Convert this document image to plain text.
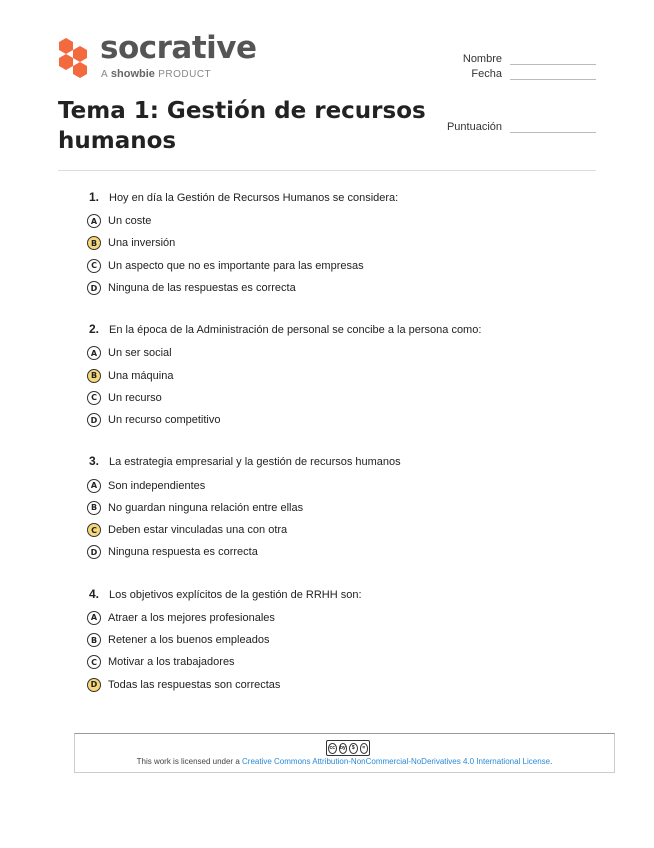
socrative
A showbie PRODUCT
Nombre
Fecha
Puntuación
Tema 1: Gestión de recursos humanos
1. Hoy en día la Gestión de Recursos Humanos se considera:
A Un coste
B Una inversión
C	Un aspecto que no es importante para las empresas
D Ninguna de las respuestas es correcta
2. En la época de la Administración de personal se concibe a la persona como:
A Un ser social
B Una máquina
C	Un recurso
D Un recurso competitivo
3. La estrategia empresarial y la gestión de recursos humanos
A Son independientes
B No guardan ninguna relación entre ellas
C	Deben estar vinculadas una con otra
D Ninguna respuesta es correcta
4. Los objetivos explícitos de la gestión de RRHH son:
A Atraer a los mejores profesionales
B Retener a los buenos empleados
C	Motivar a los trabajadores
D Todas las respuestas son correctas
cc by	$	=
This work is licensed under a Creative Commons Attribution-NonCommercial-NoDerivatives 4.0 International License.
